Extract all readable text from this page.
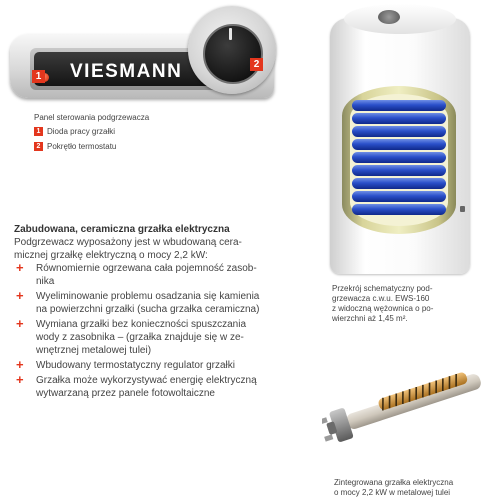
VIESMANN
1
2
Panel sterowania podgrzewacza
1 Dioda pracy grzałki
2 Pokrętło termostatu
Przekrój schematyczny pod-
grzewacza c.w.u. EWS-160
z widoczną wężownica o po-
wierzchni aż 1,45 m².
Zintegrowana grzałka elektryczna
o mocy 2,2 kW w metalowej tulei
Zabudowana, ceramiczna grzałka elektryczna
Podgrzewacz wyposażony jest w wbudowaną cera-
micznej grzałkę elektryczną o mocy 2,2 kW:
+ Równomiernie ogrzewana cała pojemność zasob-
nika
+ Wyeliminowanie problemu osadzania się kamienia
na powierzchni grzałki (sucha grzałka ceramiczna)
+ Wymiana grzałki bez konieczności spuszczania
wody z zasobnika – (grzałka znajduje się w ze-
wnętrznej metalowej tulei)
+ Wbudowany termostatyczny regulator grzałki
+ Grzałka może wykorzystywać energię elektryczną
wytwarzaną przez panele fotowoltaiczne
